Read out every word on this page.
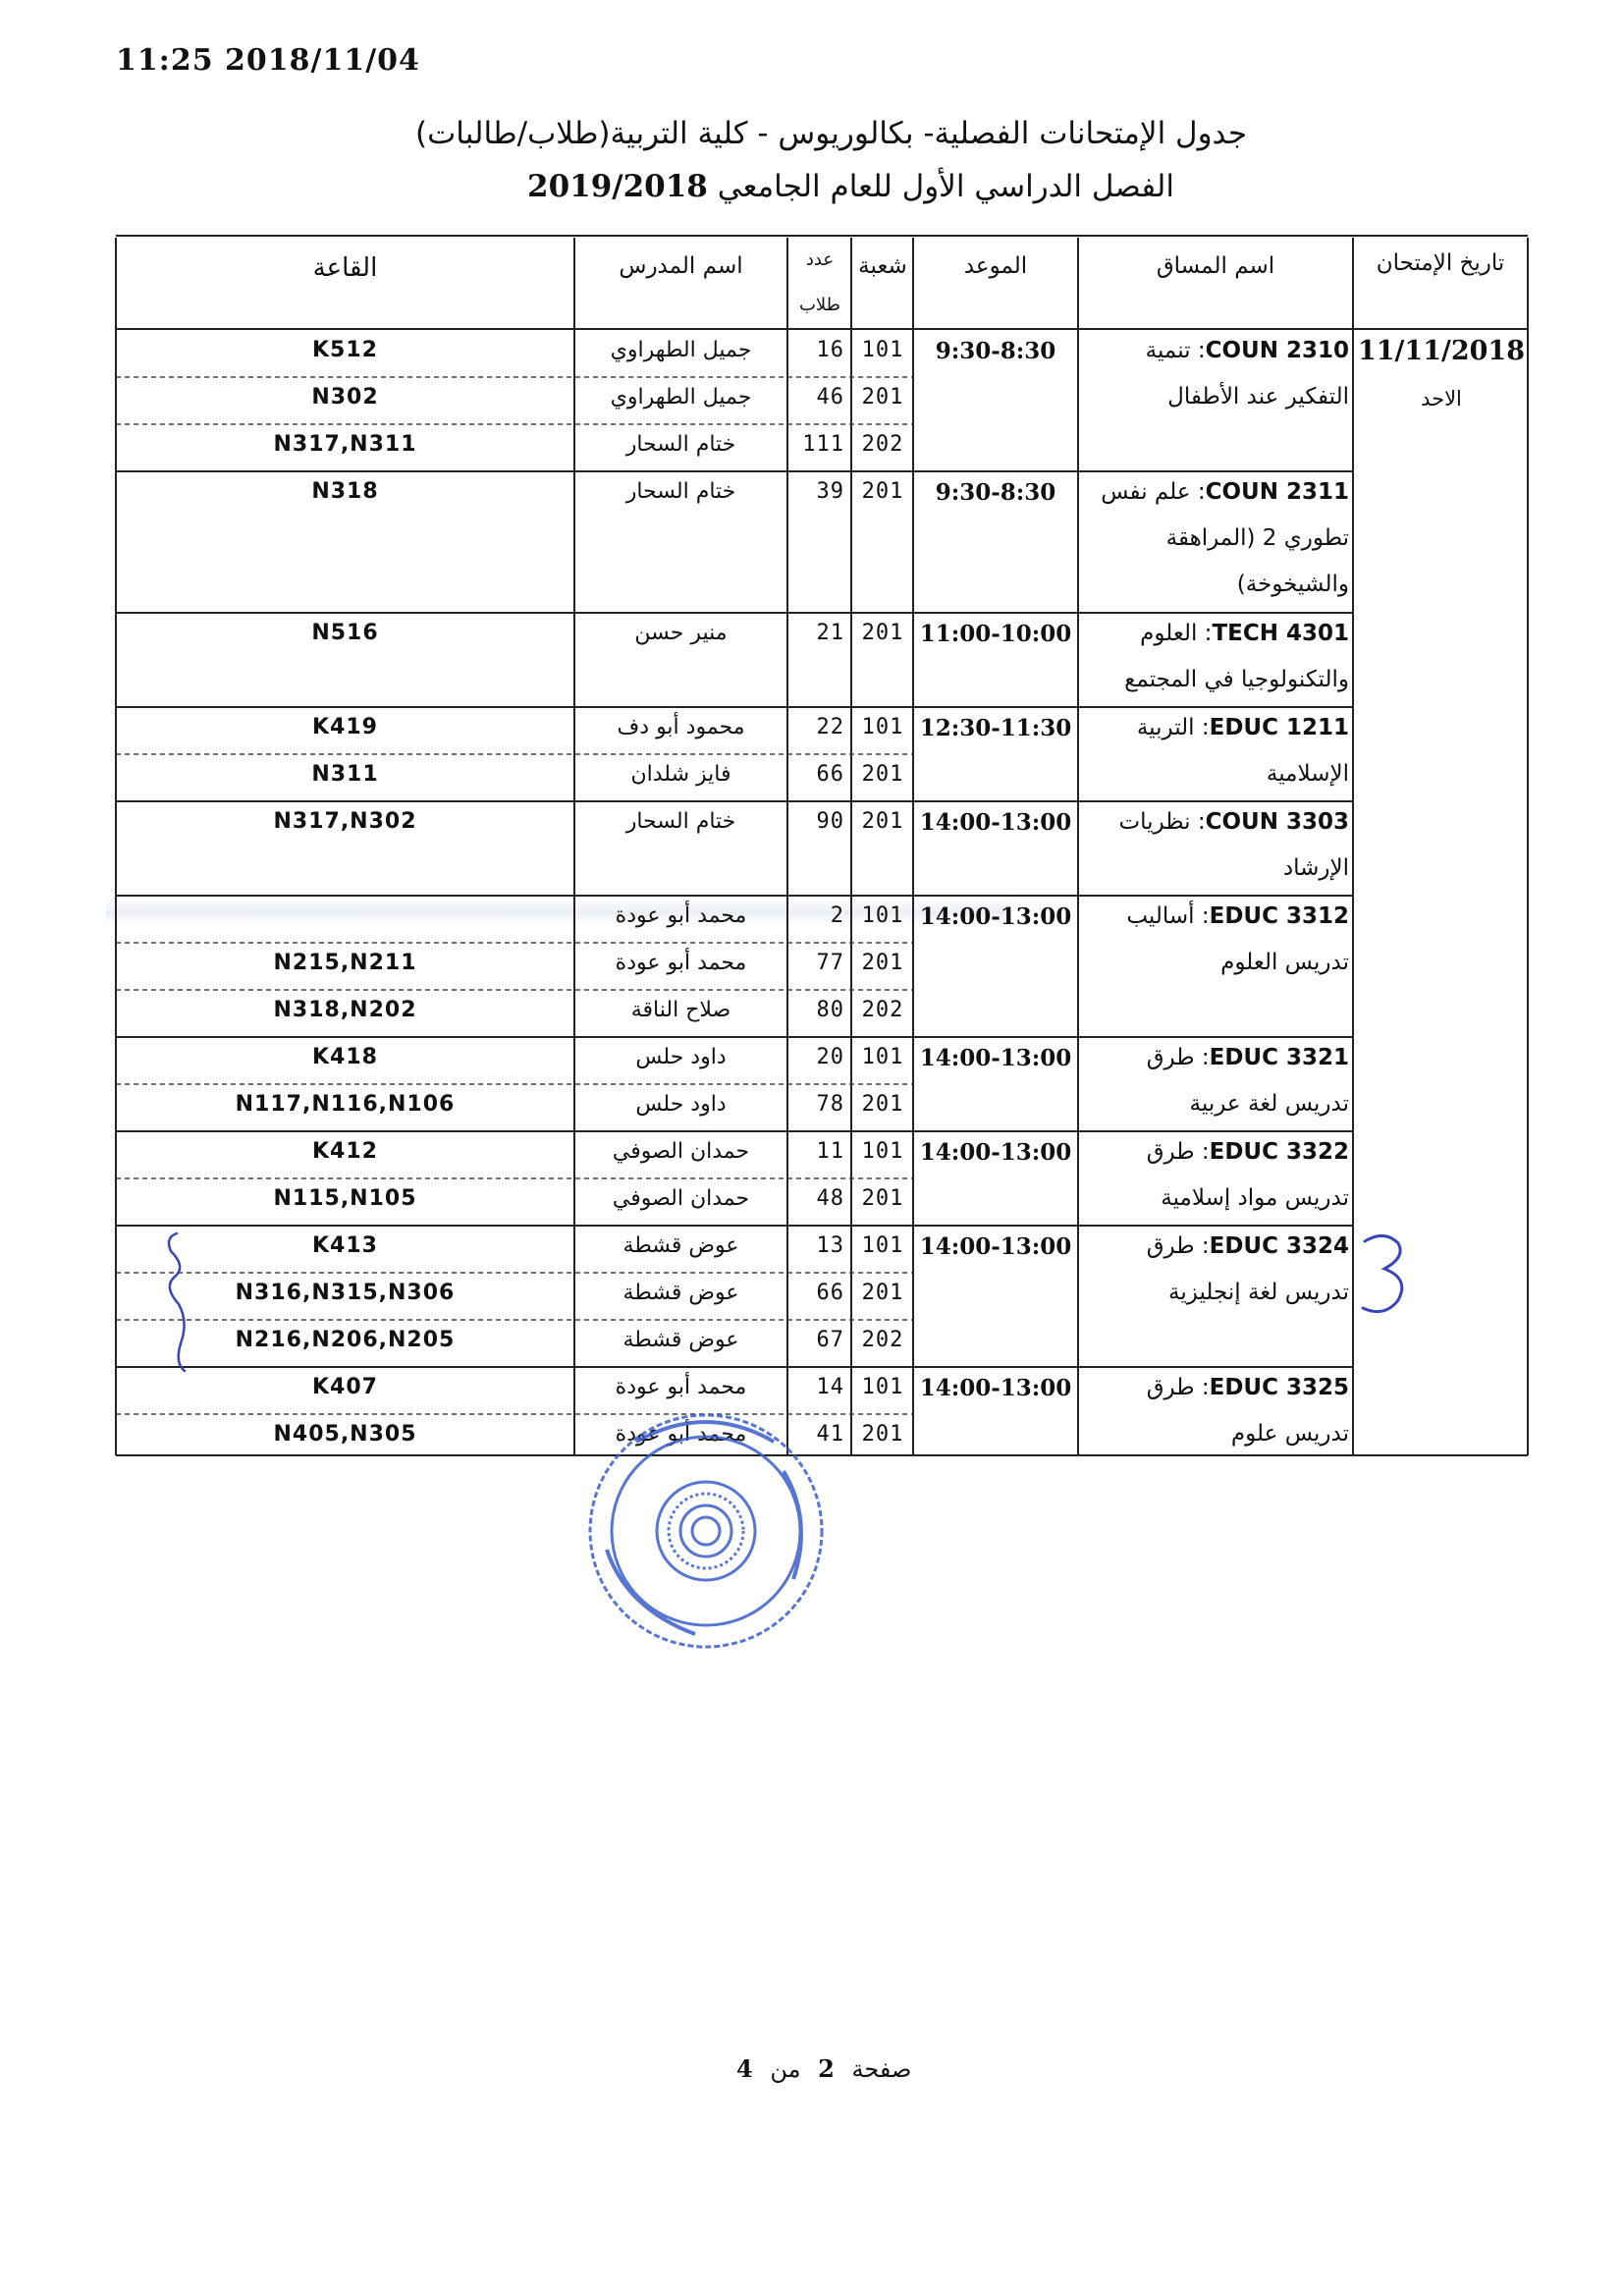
11:25 2018/11/04
جدول الإمتحانات الفصلية- بكالوريوس - كلية التربية(طلاب/طالبات)
الفصل الدراسي الأول للعام الجامعي 2019/2018
تاريخ الإمتحان
اسم المساق
الموعد
شعبة
عدد
طلاب
اسم المدرس
القاعة
11/11/2018
الاحد
COUN 2310: تنمية التفكير عند الأطفال
9:30-8:30
101
16
جميل الطهراوي
K512
201
46
جميل الطهراوي
N302
202
111
ختام السحار
N317,N311
COUN 2311: علم نفس تطوري 2 (المراهقة والشيخوخة)
9:30-8:30
201
39
ختام السحار
N318
TECH 4301: العلوم والتكنولوجيا في المجتمع
11:00-10:00
201
21
منير حسن
N516
EDUC 1211: التربية الإسلامية
12:30-11:30
101
22
محمود أبو دف
K419
201
66
فايز شلدان
N311
COUN 3303: نظريات الإرشاد
14:00-13:00
201
90
ختام السحار
N317,N302
EDUC 3312: أساليب تدريس العلوم
14:00-13:00
101
2
محمد أبو عودة
201
77
محمد أبو عودة
N215,N211
202
80
صلاح الناقة
N318,N202
EDUC 3321: طرق تدريس لغة عربية
14:00-13:00
101
20
داود حلس
K418
201
78
داود حلس
N117,N116,N106
EDUC 3322: طرق تدريس مواد إسلامية
14:00-13:00
101
11
حمدان الصوفي
K412
201
48
حمدان الصوفي
N115,N105
EDUC 3324: طرق تدريس لغة إنجليزية
14:00-13:00
101
13
عوض قشطة
K413
201
66
عوض قشطة
N316,N315,N306
202
67
عوض قشطة
N216,N206,N205
EDUC 3325: طرق تدريس علوم
14:00-13:00
101
14
محمد أبو عودة
K407
201
41
محمد أبو عودة
N405,N305
صفحة 2 من 4
